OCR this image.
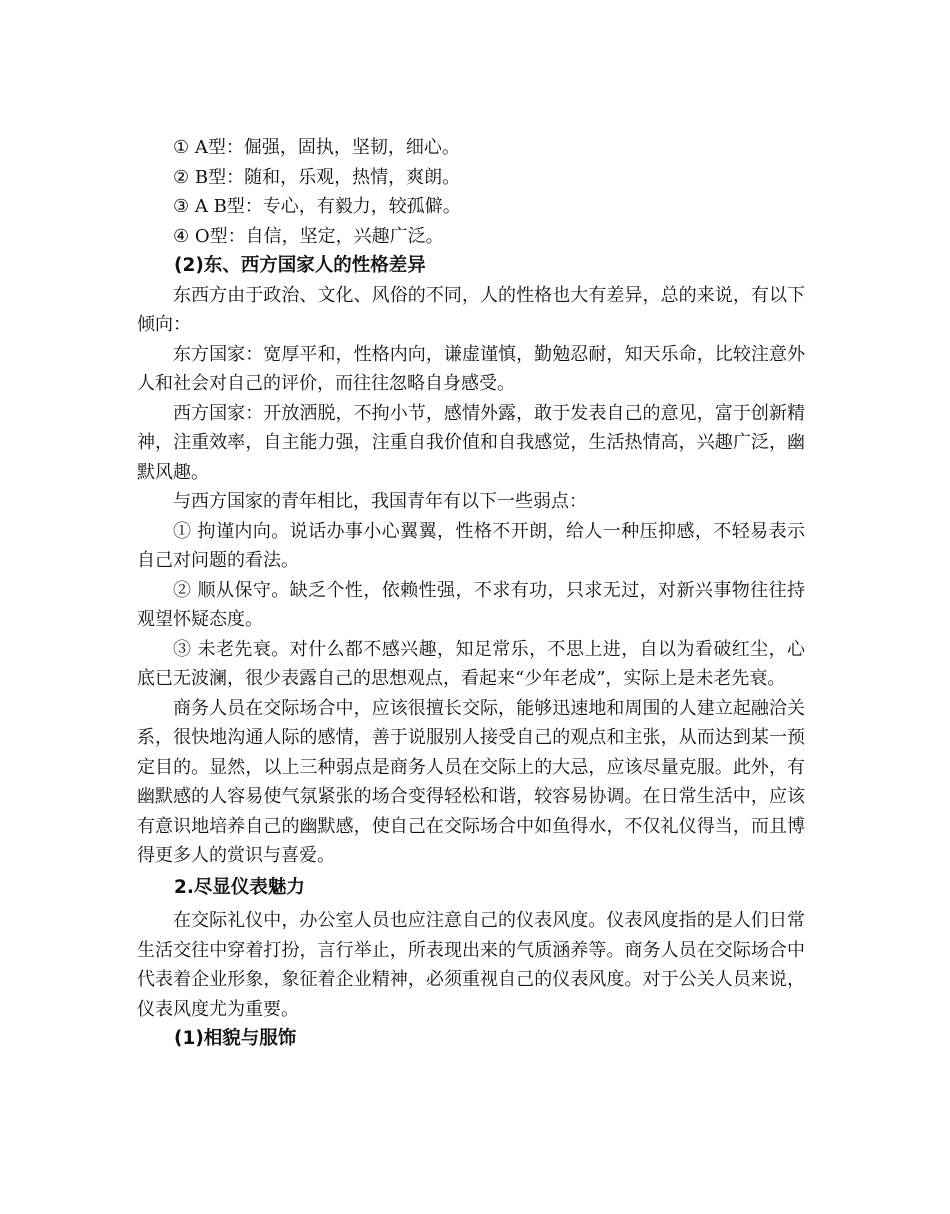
① A型：倔强，固执，坚韧，细心。

② B型：随和，乐观，热情，爽朗。

③ A B型：专心，有毅力，较孤僻。

④ O型：自信，坚定，兴趣广泛。

(2)东、西方国家人的性格差异

东西方由于政治、文化、风俗的不同，人的性格也大有差异，总的来说，有以下倾向：

东方国家：宽厚平和，性格内向，谦虚谨慎，勤勉忍耐，知天乐命，比较注意外人和社会对自己的评价，而往往忽略自身感受。

西方国家：开放洒脱，不拘小节，感情外露，敢于发表自己的意见，富于创新精神，注重效率，自主能力强，注重自我价值和自我感觉，生活热情高，兴趣广泛，幽默风趣。

与西方国家的青年相比，我国青年有以下一些弱点：

① 拘谨内向。说话办事小心翼翼，性格不开朗，给人一种压抑感，不轻易表示自己对问题的看法。

② 顺从保守。缺乏个性，依赖性强，不求有功，只求无过，对新兴事物往往持观望怀疑态度。

③ 未老先衰。对什么都不感兴趣，知足常乐，不思上进，自以为看破红尘，心底已无波澜，很少表露自己的思想观点，看起来“少年老成”，实际上是未老先衰。

商务人员在交际场合中，应该很擅长交际，能够迅速地和周围的人建立起融洽关系，很快地沟通人际的感情，善于说服别人接受自己的观点和主张，从而达到某一预定目的。显然，以上三种弱点是商务人员在交际上的大忌，应该尽量克服。此外，有幽默感的人容易使气氛紧张的场合变得轻松和谐，较容易协调。在日常生活中，应该有意识地培养自己的幽默感，使自己在交际场合中如鱼得水，不仅礼仪得当，而且博得更多人的赏识与喜爱。

2.尽显仪表魅力

在交际礼仪中，办公室人员也应注意自己的仪表风度。仪表风度指的是人们日常生活交往中穿着打扮，言行举止，所表现出来的气质涵养等。商务人员在交际场合中代表着企业形象，象征着企业精神，必须重视自己的仪表风度。对于公关人员来说，仪表风度尤为重要。

(1)相貌与服饰
